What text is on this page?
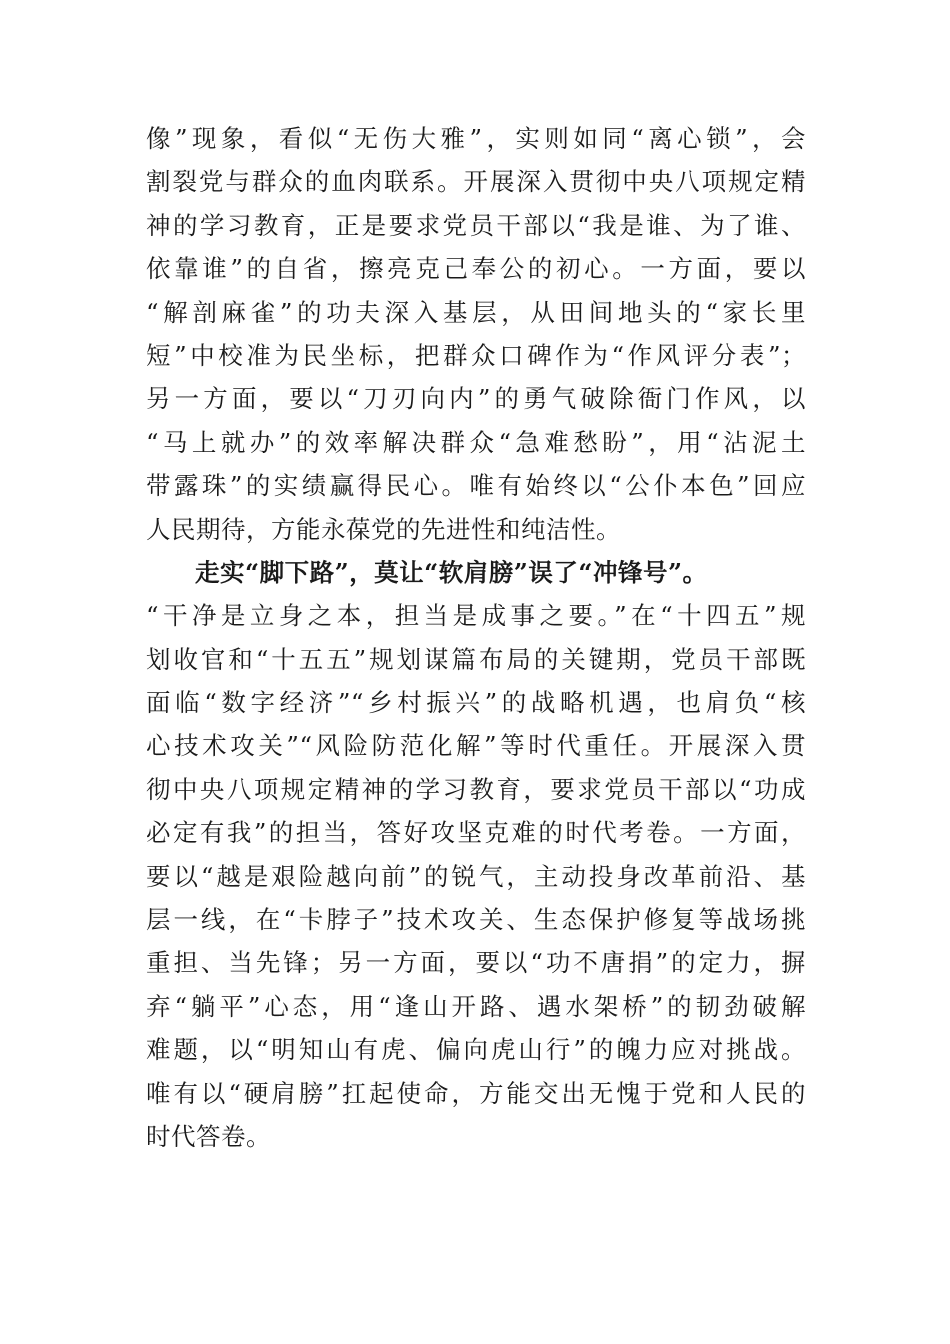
像”现象，看似“无伤大雅”，实则如同“离心锁”，会
割裂党与群众的血肉联系。开展深入贯彻中央八项规定精
神的学习教育，正是要求党员干部以“我是谁、为了谁、
依靠谁”的自省，擦亮克己奉公的初心。一方面，要以
“解剖麻雀”的功夫深入基层，从田间地头的“家长里
短”中校准为民坐标，把群众口碑作为“作风评分表”；
另一方面，要以“刀刃向内”的勇气破除衙门作风，以
“马上就办”的效率解决群众“急难愁盼”，用“沾泥土
带露珠”的实绩赢得民心。唯有始终以“公仆本色”回应
人民期待，方能永葆党的先进性和纯洁性。
走实“脚下路”，莫让“软肩膀”误了“冲锋号”。
“干净是立身之本，担当是成事之要。”在“十四五”规
划收官和“十五五”规划谋篇布局的关键期，党员干部既
面临“数字经济”“乡村振兴”的战略机遇，也肩负“核
心技术攻关”“风险防范化解”等时代重任。开展深入贯
彻中央八项规定精神的学习教育，要求党员干部以“功成
必定有我”的担当，答好攻坚克难的时代考卷。一方面，
要以“越是艰险越向前”的锐气，主动投身改革前沿、基
层一线，在“卡脖子”技术攻关、生态保护修复等战场挑
重担、当先锋；另一方面，要以“功不唐捐”的定力，摒
弃“躺平”心态，用“逢山开路、遇水架桥”的韧劲破解
难题，以“明知山有虎、偏向虎山行”的魄力应对挑战。
唯有以“硬肩膀”扛起使命，方能交出无愧于党和人民的
时代答卷。
